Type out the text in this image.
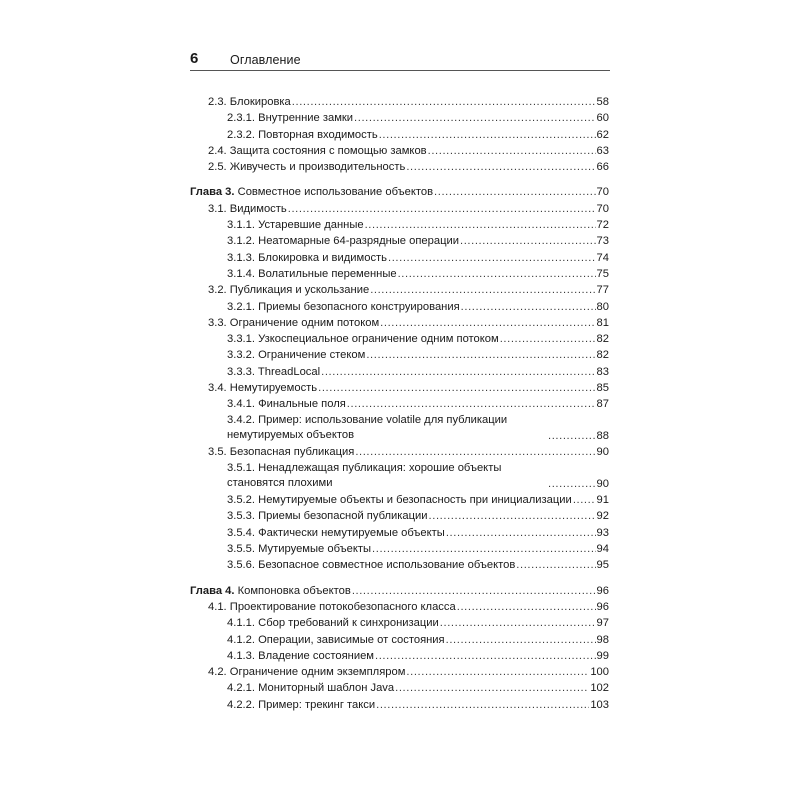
6	Оглавление
2.3. Блокировка .....	58
2.3.1. Внутренние замки .....	60
2.3.2. Повторная входимость .....	62
2.4. Защита состояния с помощью замков .....	63
2.5. Живучесть и производительность .....	66
Глава 3. Совместное использование объектов .....	70
3.1. Видимость .....	70
3.1.1. Устаревшие данные .....	72
3.1.2. Неатомарные 64-разрядные операции .....	73
3.1.3. Блокировка и видимость .....	74
3.1.4. Волатильные переменные .....	75
3.2. Публикация и ускользание .....	77
3.2.1. Приемы безопасного конструирования .....	80
3.3. Ограничение одним потоком .....	81
3.3.1. Узкоспециальное ограничение одним потоком .....	82
3.3.2. Ограничение стеком .....	82
3.3.3. ThreadLocal .....	83
3.4. Немутируемость .....	85
3.4.1. Финальные поля .....	87
3.4.2. Пример: использование volatile для публикации немутируемых объектов .....	88
3.5. Безопасная публикация .....	90
3.5.1. Ненадлежащая публикация: хорошие объекты становятся плохими .....	90
3.5.2. Немутируемые объекты и безопасность при инициализации ..... 91
3.5.3. Приемы безопасной публикации .....	92
3.5.4. Фактически немутируемые объекты .....	93
3.5.5. Мутируемые объекты .....	94
3.5.6. Безопасное совместное использование объектов .....	95
Глава 4. Компоновка объектов .....	96
4.1. Проектирование потокобезопасного класса .....	96
4.1.1. Сбор требований к синхронизации .....	97
4.1.2. Операции, зависимые от состояния .....	98
4.1.3. Владение состоянием .....	99
4.2. Ограничение одним экземпляром .....	100
4.2.1. Мониторный шаблон Java .....	102
4.2.2. Пример: трекинг такси .....	103
